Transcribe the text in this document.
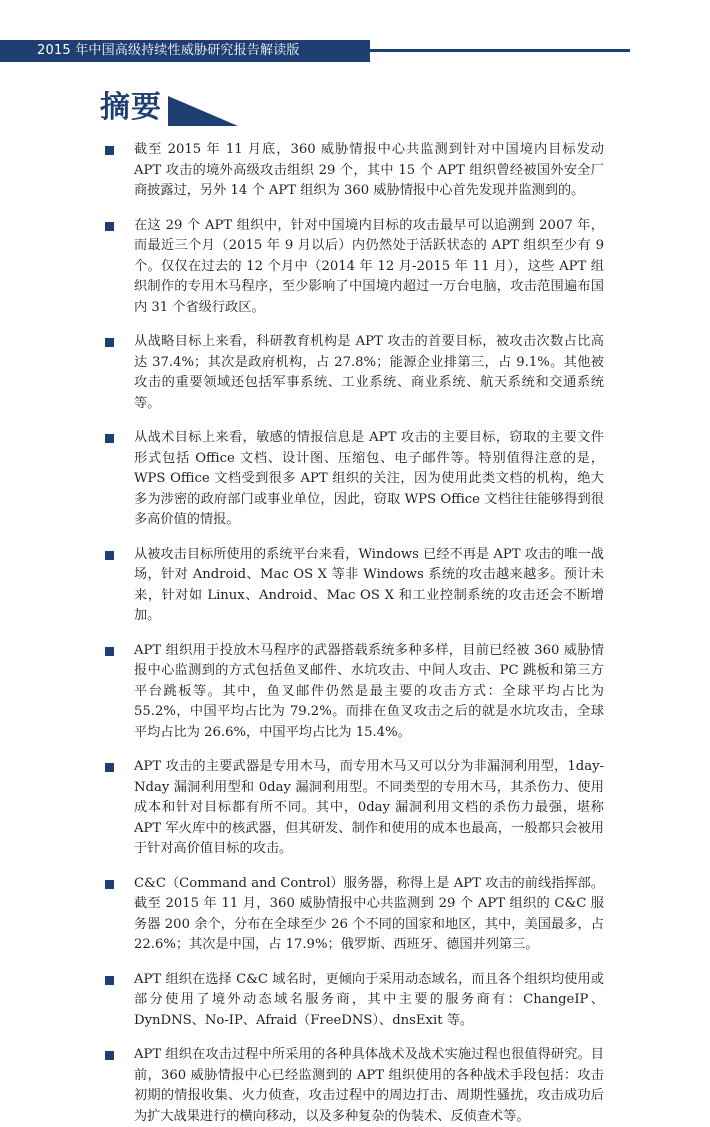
2015 年中国高级持续性威胁研究报告解读版
摘要
截至 2015 年 11 月底，360 威胁情报中心共监测到针对中国境内目标发动 APT 攻击的境外高级攻击组织 29 个，其中 15 个 APT 组织曾经被国外安全厂商披露过，另外 14 个 APT 组织为 360 威胁情报中心首先发现并监测到的。
在这 29 个 APT 组织中，针对中国境内目标的攻击最早可以追溯到 2007 年，而最近三个月（2015 年 9 月以后）内仍然处于活跃状态的 APT 组织至少有 9 个。仅仅在过去的 12 个月中（2014 年 12 月-2015 年 11 月），这些 APT 组织制作的专用木马程序，至少影响了中国境内超过一万台电脑，攻击范围遍布国内 31 个省级行政区。
从战略目标上来看，科研教育机构是 APT 攻击的首要目标，被攻击次数占比高达 37.4%；其次是政府机构，占 27.8%；能源企业排第三，占 9.1%。其他被攻击的重要领域还包括军事系统、工业系统、商业系统、航天系统和交通系统等。
从战术目标上来看，敏感的情报信息是 APT 攻击的主要目标，窃取的主要文件形式包括 Office 文档、设计图、压缩包、电子邮件等。特别值得注意的是，WPS Office 文档受到很多 APT 组织的关注，因为使用此类文档的机构，绝大多为涉密的政府部门或事业单位，因此，窃取 WPS Office 文档往往能够得到很多高价值的情报。
从被攻击目标所使用的系统平台来看，Windows 已经不再是 APT 攻击的唯一战场，针对 Android、Mac OS X 等非 Windows 系统的攻击越来越多。预计未来，针对如 Linux、Android、Mac OS X 和工业控制系统的攻击还会不断增加。
APT 组织用于投放木马程序的武器搭载系统多种多样，目前已经被 360 威胁情报中心监测到的方式包括鱼叉邮件、水坑攻击、中间人攻击、PC 跳板和第三方平台跳板等。其中，鱼叉邮件仍然是最主要的攻击方式：全球平均占比为 55.2%，中国平均占比为 79.2%。而排在鱼叉攻击之后的就是水坑攻击，全球平均占比为 26.6%，中国平均占比为 15.4%。
APT 攻击的主要武器是专用木马，而专用木马又可以分为非漏洞利用型，1day-Nday 漏洞利用型和 0day 漏洞利用型。不同类型的专用木马，其杀伤力、使用成本和针对目标都有所不同。其中，0day 漏洞利用文档的杀伤力最强，堪称 APT 军火库中的核武器，但其研发、制作和使用的成本也最高，一般都只会被用于针对高价值目标的攻击。
C&C（Command and Control）服务器，称得上是 APT 攻击的前线指挥部。截至 2015 年 11 月，360 威胁情报中心共监测到 29 个 APT 组织的 C&C 服务器 200 余个，分布在全球至少 26 个不同的国家和地区，其中，美国最多，占 22.6%；其次是中国，占 17.9%；俄罗斯、西班牙、德国并列第三。
APT 组织在选择 C&C 域名时，更倾向于采用动态域名，而且各个组织均使用或部分使用了境外动态域名服务商，其中主要的服务商有：ChangeIP、DynDNS、No-IP、Afraid（FreeDNS）、dnsExit 等。
APT 组织在攻击过程中所采用的各种具体战术及战术实施过程也很值得研究。目前，360 威胁情报中心已经监测到的 APT 组织使用的各种战术手段包括：攻击初期的情报收集、火力侦查，攻击过程中的周边打击、周期性骚扰，攻击成功后为扩大战果进行的横向移动，以及多种复杂的伪装术、反侦查术等。
